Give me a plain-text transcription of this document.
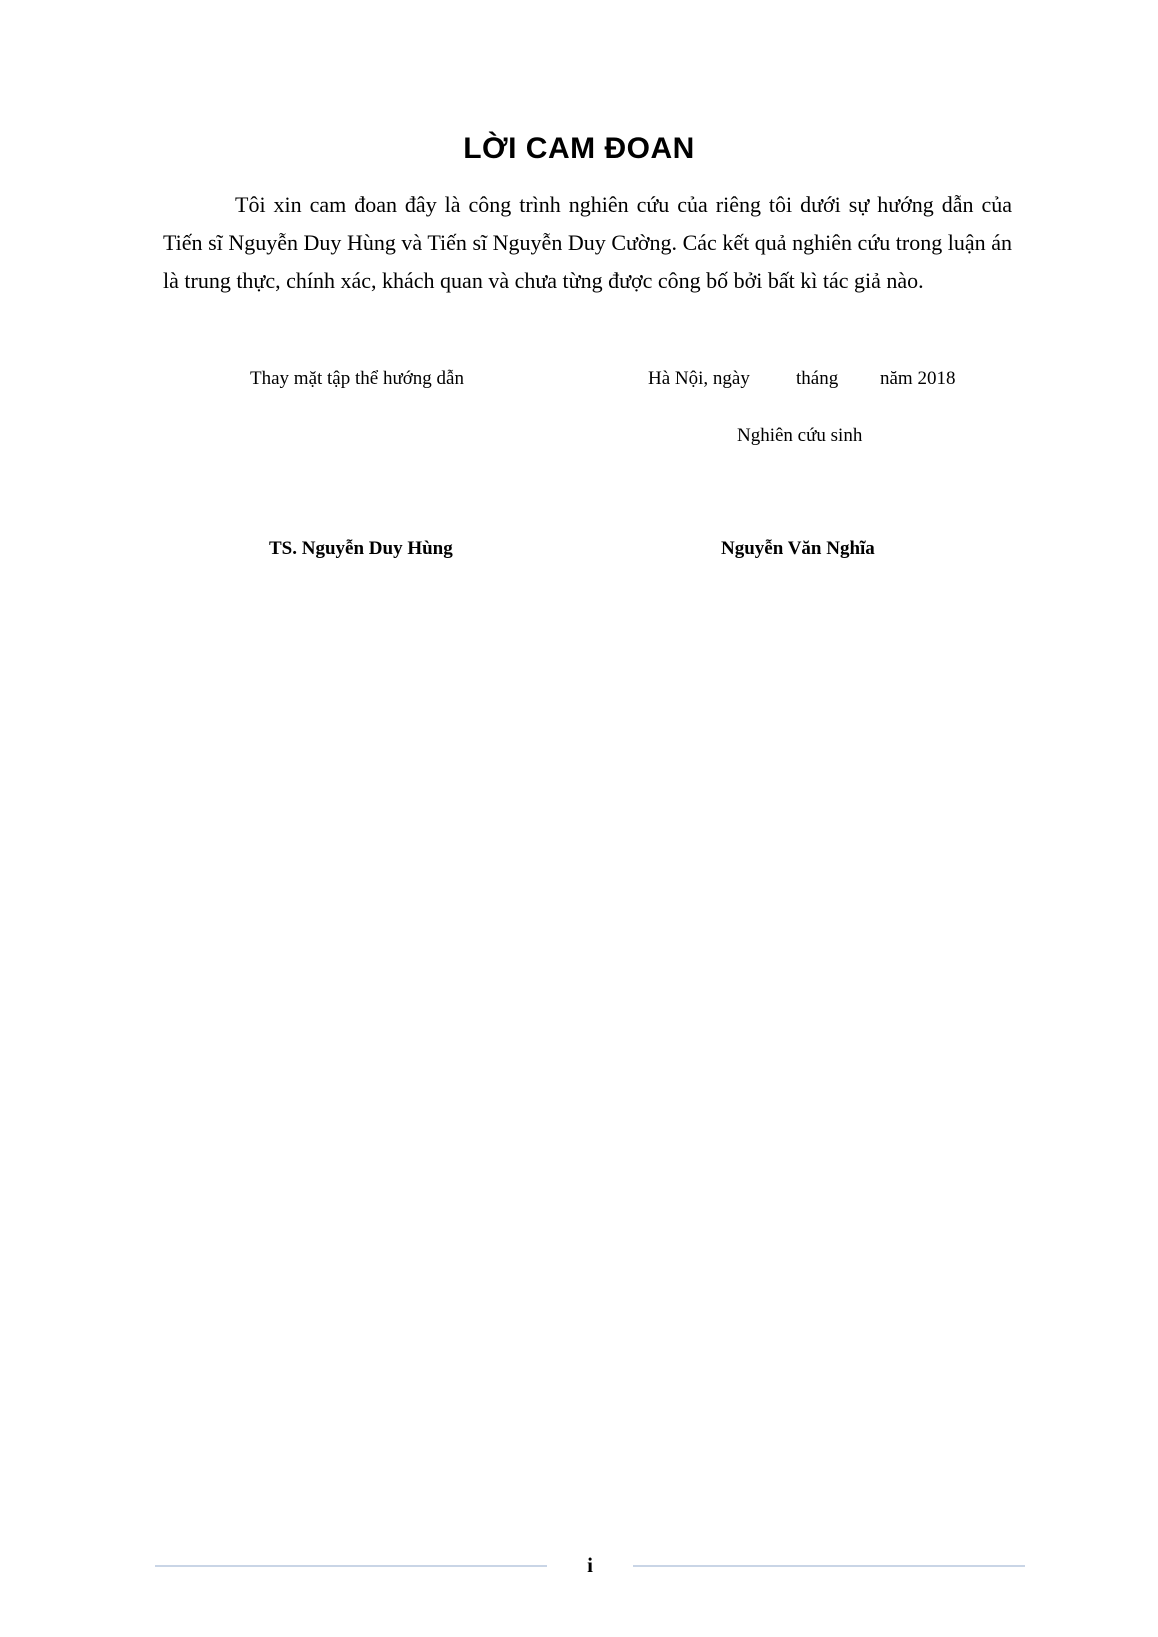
LỜI CAM ĐOAN

Tôi xin cam đoan đây là công trình nghiên cứu của riêng tôi dưới sự hướng dẫn của Tiến sĩ Nguyễn Duy Hùng và Tiến sĩ Nguyễn Duy Cường. Các kết quả nghiên cứu trong luận án là trung thực, chính xác, khách quan và chưa từng được công bố bởi bất kì tác giả nào.

Thay mặt tập thể hướng dẫn	Hà Nội, ngày tháng năm 2018

Nghiên cứu sinh

TS. Nguyễn Duy Hùng	Nguyễn Văn Nghĩa

i
